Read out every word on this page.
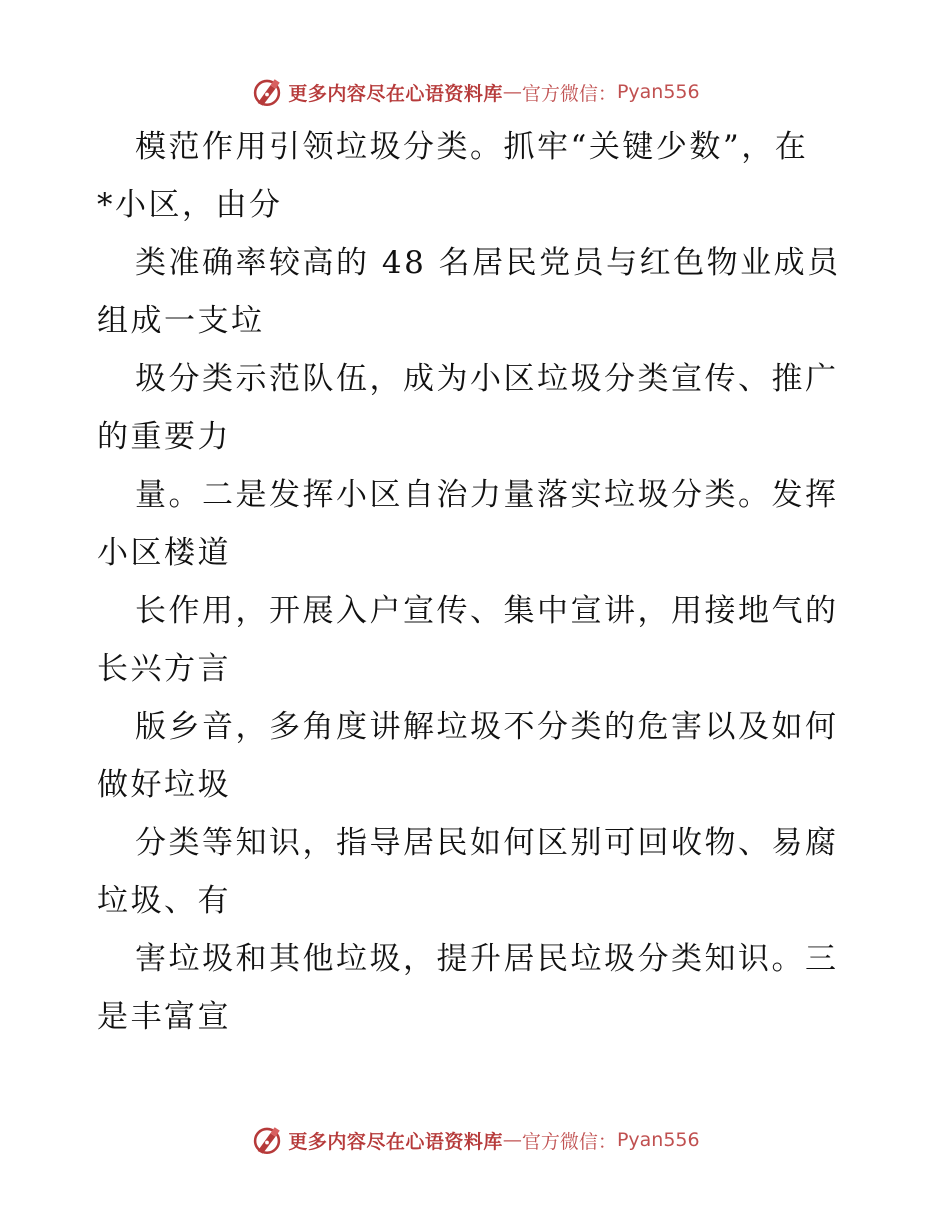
更多内容尽在心语资料库 — 官方微信： Pyan556
模范作用引领垃圾分类。抓牢“关键少数”，在
*小区，由分
类准确率较高的 48 名居民党员与红色物业成员
组成一支垃
圾分类示范队伍，成为小区垃圾分类宣传、推广
的重要力
量。二是发挥小区自治力量落实垃圾分类。发挥
小区楼道
长作用，开展入户宣传、集中宣讲，用接地气的
长兴方言
版乡音，多角度讲解垃圾不分类的危害以及如何
做好垃圾
分类等知识，指导居民如何区别可回收物、易腐
垃圾、有
害垃圾和其他垃圾，提升居民垃圾分类知识。三
是丰富宣
更多内容尽在心语资料库 — 官方微信： Pyan556
